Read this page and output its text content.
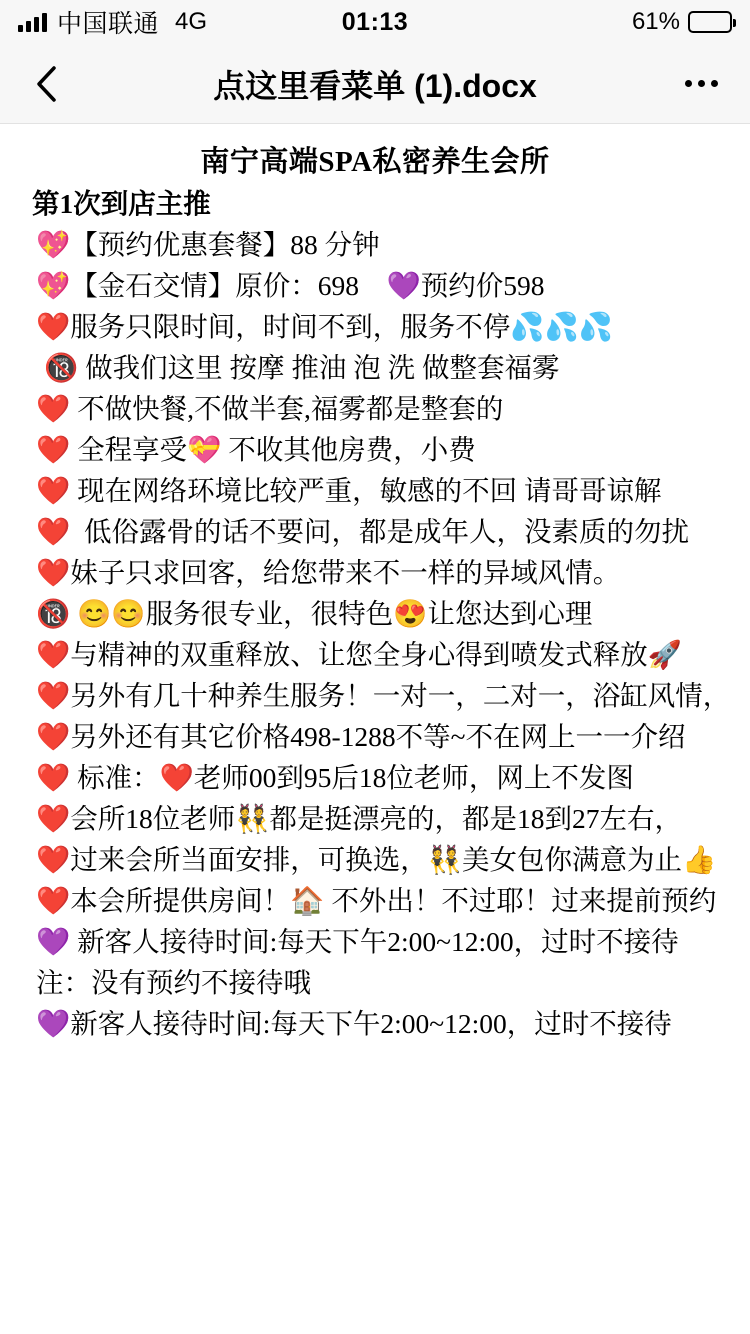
中国联通 4G	01:13	61%
点这里看菜单 (1).docx
南宁高端SPA私密养生会所
第1次到店主推
💖【预约优惠套餐】88 分钟
💖【金石交情】原价：698　💜预约价598
❤️服务只限时间，时间不到，服务不停💦💦💦
🔞 做我们这里 按摩 推油 泡 洗 做整套福雾
❤️ 不做快餐,不做半套,福雾都是整套的
❤️ 全程享受💝 不收其他房费，小费
❤️ 现在网络环境比较严重，敏感的不回 请哥哥谅解
❤️  低俗露骨的话不要问，都是成年人，没素质的勿扰
❤️妹子只求回客，给您带来不一样的异域风情。
🔞 😊😊服务很专业，很特色😍让您达到心理
❤️与精神的双重释放、让您全身心得到喷发式释放🚀
❤️另外有几十种养生服务！一对一，二对一，浴缸风情，
❤️另外还有其它价格498-1288不等~不在网上一一介绍
❤️ 标准：❤️老师00到95后18位老师，网上不发图
❤️会所18位老师👯都是挺漂亮的，都是18到27左右，
❤️过来会所当面安排，可换选，👯美女包你满意为止👍
❤️本会所提供房间！🏠 不外出！不过耶！过来提前预约
💜 新客人接待时间:每天下午2:00~12:00，过时不接待
注：没有预约不接待哦
💜新客人接待时间:每天下午2:00~12:00，过时不接待
